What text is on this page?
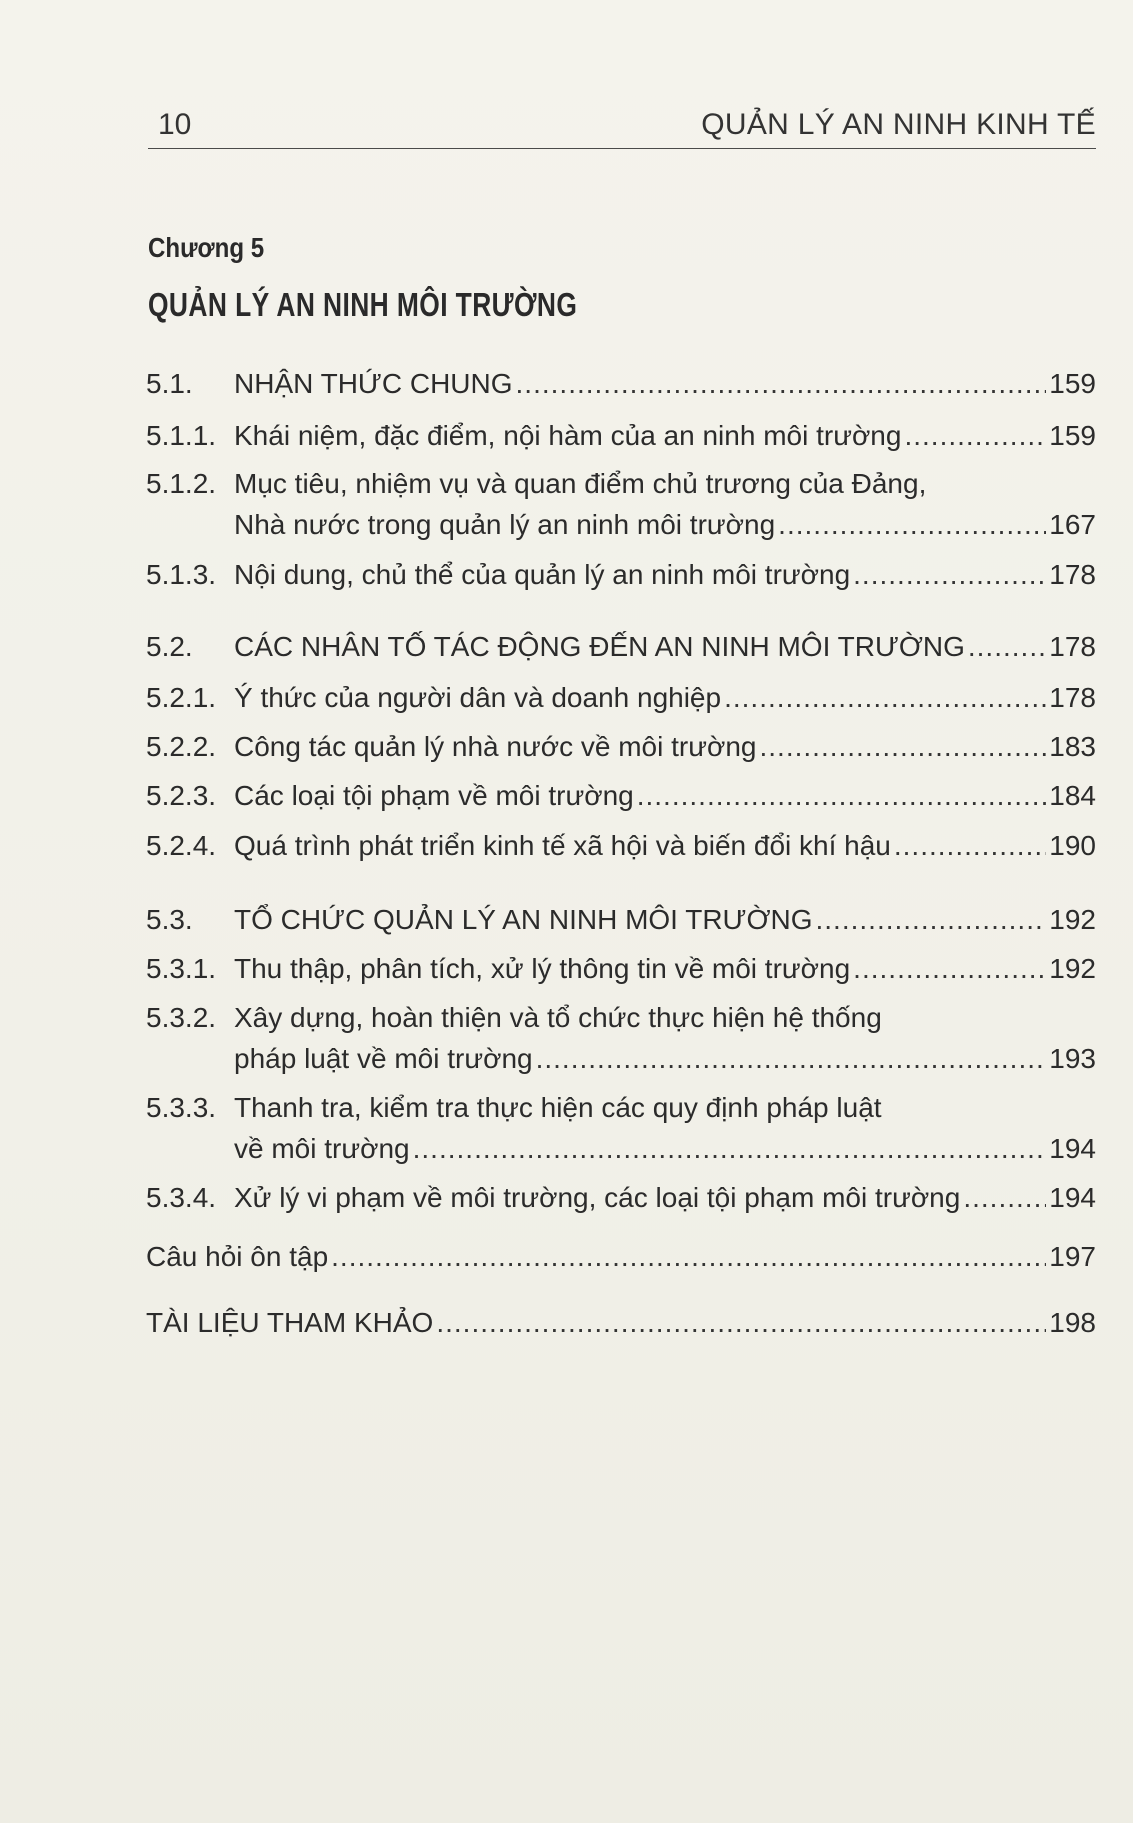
10	QUẢN LÝ AN NINH KINH TẾ
Chương 5
QUẢN LÝ AN NINH MÔI TRƯỜNG
5.1. NHẬN THỨC CHUNG .....	159
5.1.1. Khái niệm, đặc điểm, nội hàm của an ninh môi trường .....	159
5.1.2. Mục tiêu, nhiệm vụ và quan điểm chủ trương của Đảng,
Nhà nước trong quản lý an ninh môi trường .....	167
5.1.3. Nội dung, chủ thể của quản lý an ninh môi trường .....	178
5.2. CÁC NHÂN TỐ TÁC ĐỘNG ĐẾN AN NINH MÔI TRƯỜNG .....	178
5.2.1. Ý thức của người dân và doanh nghiệp .....	178
5.2.2. Công tác quản lý nhà nước về môi trường .....	183
5.2.3. Các loại tội phạm về môi trường .....	184
5.2.4. Quá trình phát triển kinh tế xã hội và biến đổi khí hậu .....	190
5.3. TỔ CHỨC QUẢN LÝ AN NINH MÔI TRƯỜNG .....	192
5.3.1. Thu thập, phân tích, xử lý thông tin về môi trường .....	192
5.3.2. Xây dựng, hoàn thiện và tổ chức thực hiện hệ thống
pháp luật về môi trường .....	193
5.3.3. Thanh tra, kiểm tra thực hiện các quy định pháp luật
về môi trường .....	194
5.3.4. Xử lý vi phạm về môi trường, các loại tội phạm môi trường .....	194
Câu hỏi ôn tập .....	197
TÀI LIỆU THAM KHẢO .....	198
